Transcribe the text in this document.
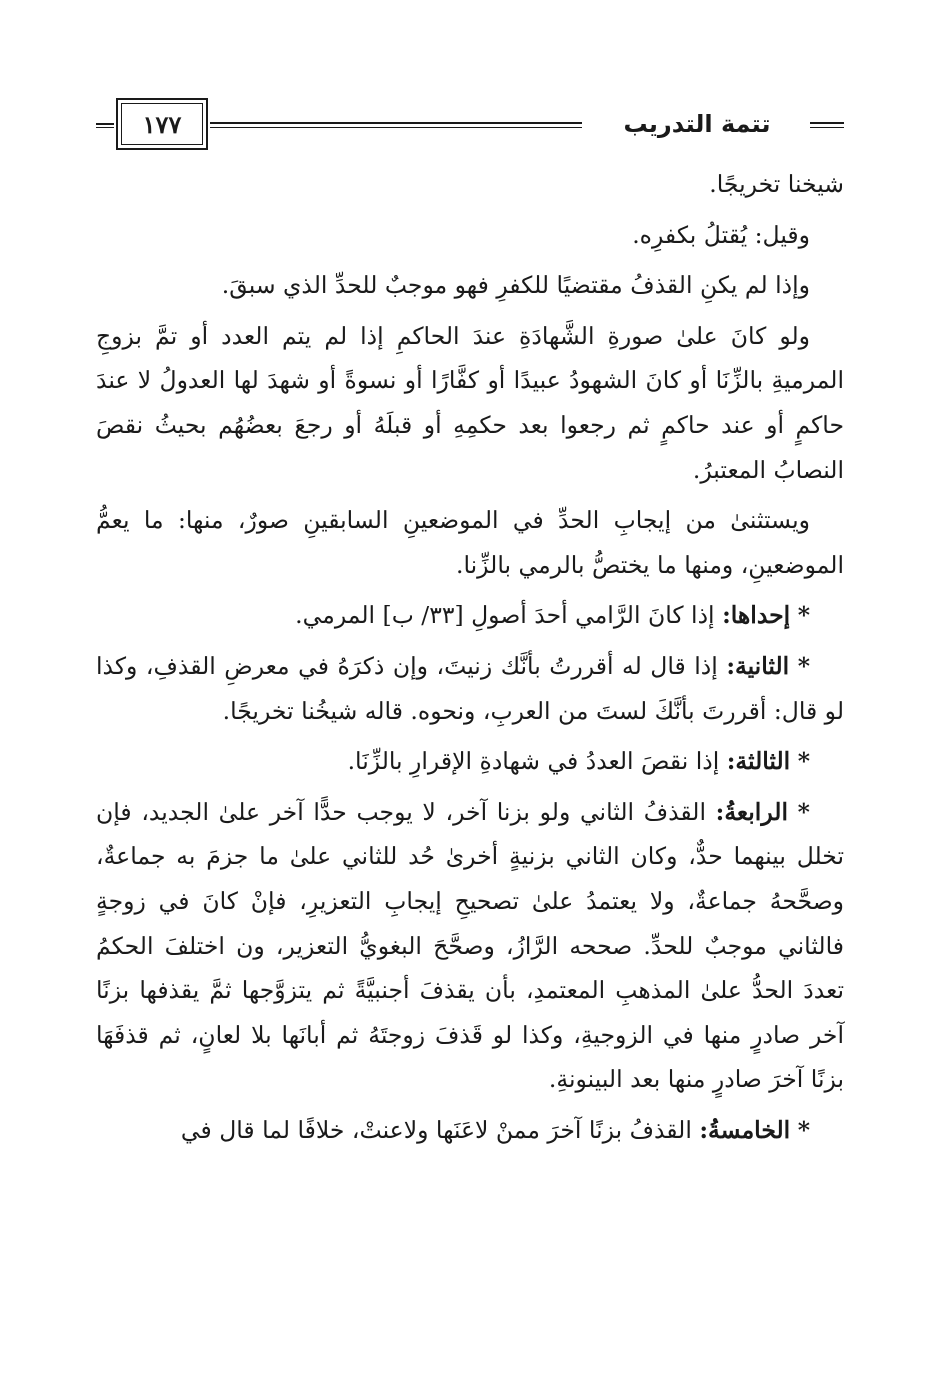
١٧٧	تتمة التدريب

شيخنا تخريجًا.

وقيل: يُقتلُ بكفرِه.

وإذا لم يكنِ القذفُ مقتضيًا للكفرِ فهو موجبٌ للحدِّ الذي سبقَ.

ولو كانَ علىٰ صورةِ الشَّهادَةِ عندَ الحاكمِ إذا لم يتم العدد أو تمَّ بزوجِ المرميةِ بالزِّنَا أو كانَ الشهودُ عبيدًا أو كفَّارًا أو نسوةً أو شهدَ لها العدولُ لا عندَ حاكمٍ أو عند حاكمٍ ثم رجعوا بعد حكمِهِ أو قبلَهُ أو رجعَ بعضُهُم بحيثُ نقصَ النصابُ المعتبرُ.

ويستثنىٰ من إيجابِ الحدِّ في الموضعينِ السابقينِ صورٌ، منها: ما يعمُّ الموضعينِ، ومنها ما يختصُّ بالرمي بالزِّنا.

* إحداها: إذا كانَ الرَّامي أحدَ أصولِ [٣٣/ ب] المرمي.

* الثانية: إذا قال له أقررتُ بأنَّك زنيتَ، وإن ذكرَهُ في معرضِ القذفِ، وكذا لو قال: أقررتَ بأنَّكَ لستَ من العربِ، ونحوه. قاله شيخُنا تخريجًا.

* الثالثة: إذا نقصَ العددُ في شهادةِ الإقرارِ بالزِّنَا.

* الرابعةُ: القذفُ الثاني ولو بزنا آخر، لا يوجب حدًّا آخر علىٰ الجديد، فإن تخلل بينهما حدٌّ، وكان الثاني بزنيةٍ أخرىٰ حُد للثاني علىٰ ما جزمَ به جماعةٌ، وصحَّحهُ جماعةٌ، ولا يعتمدُ علىٰ تصحيحِ إيجابِ التعزيرِ، فإنْ كانَ في زوجةٍ فالثاني موجبٌ للحدِّ. صححه الرَّازُ، وصحَّحَ البغويُّ التعزير، ون اختلفَ الحكمُ تعددَ الحدُّ علىٰ المذهبِ المعتمدِ، بأن يقذفَ أجنبيَّةً ثم يتزوَّجها ثمَّ يقذفها بزنًا آخر صادرٍ منها في الزوجيةِ، وكذا لو قَذفَ زوجتَهُ ثم أبانَها بلا لعانٍ، ثم قذفَهَا بزنًا آخرَ صادرٍ منها بعد البينونةِ.

* الخامسةُ: القذفُ بزنًا آخرَ ممنْ لاعَنَها ولاعنتْ، خلافًا لما قال في
